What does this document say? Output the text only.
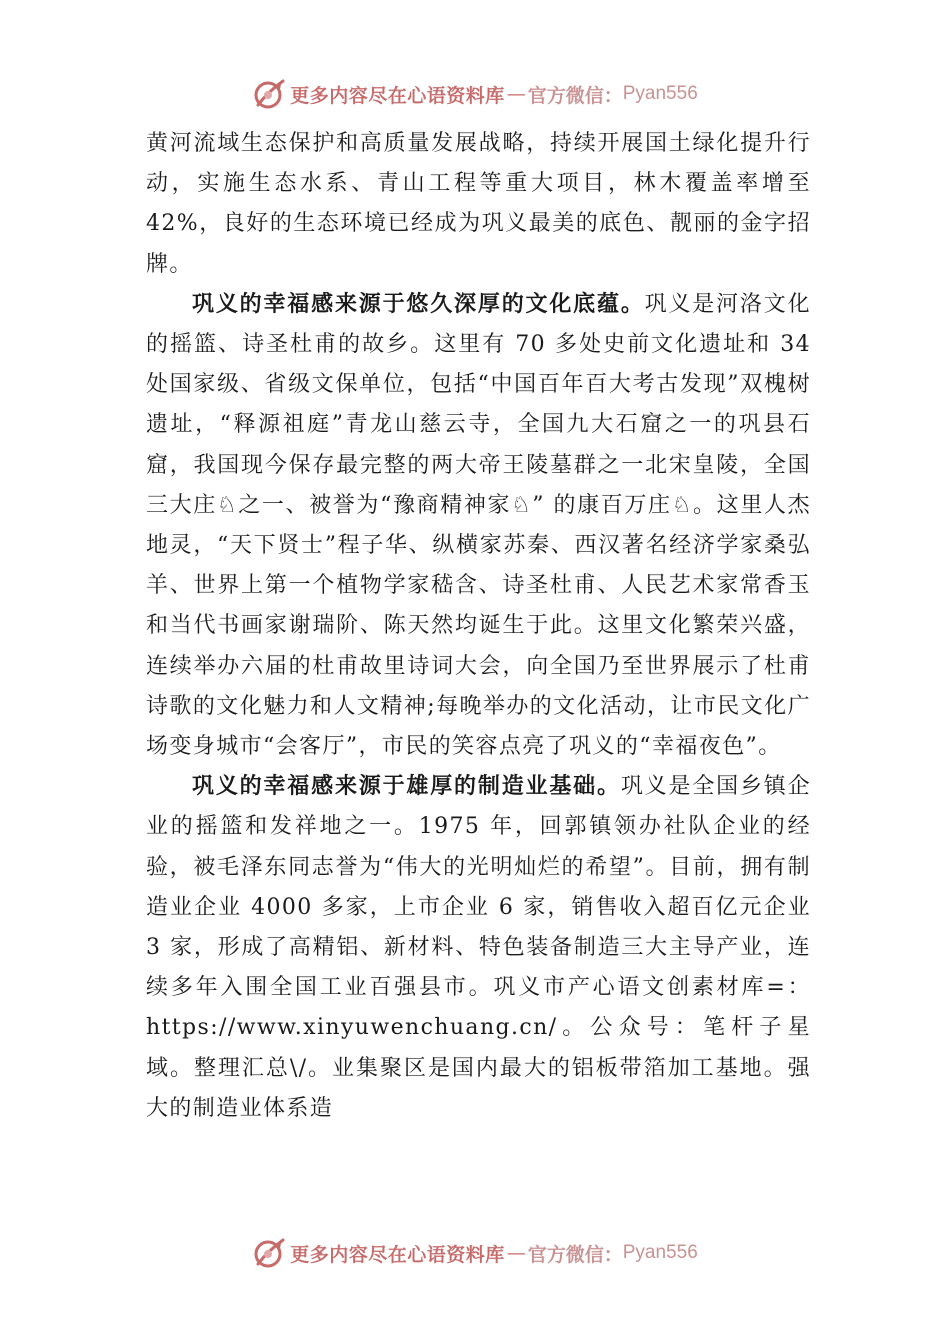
更多内容尽在心语资料库 — 官方微信： Pyan556

黄河流域生态保护和高质量发展战略，持续开展国土绿化提升行动，实施生态水系、青山工程等重大项目，林木覆盖率增至 42%，良好的生态环境已经成为巩义最美的底色、靓丽的金字招牌。

巩义的幸福感来源于悠久深厚的文化底蕴。巩义是河洛文化的摇篮、诗圣杜甫的故乡。这里有 70 多处史前文化遗址和 34 处国家级、省级文保单位，包括“中国百年百大考古发现”双槐树遗址，“释源祖庭”青龙山慈云寺，全国九大石窟之一的巩县石窟，我国现今保存最完整的两大帝王陵墓群之一北宋皇陵，全国三大庄♘之一、被誉为“豫商精神家♘” 的康百万庄♘。这里人杰地灵，“天下贤士”程子华、纵横家苏秦、西汉著名经济学家桑弘羊、世界上第一个植物学家嵇含、诗圣杜甫、人民艺术家常香玉和当代书画家谢瑞阶、陈天然均诞生于此。这里文化繁荣兴盛，连续举办六届的杜甫故里诗词大会，向全国乃至世界展示了杜甫诗歌的文化魅力和人文精神;每晚举办的文化活动，让市民文化广场变身城市“会客厅”，市民的笑容点亮了巩义的“幸福夜色”。

巩义的幸福感来源于雄厚的制造业基础。巩义是全国乡镇企业的摇篮和发祥地之一。1975 年，回郭镇领办社队企业的经验，被毛泽东同志誉为“伟大的光明灿烂的希望”。目前，拥有制造业企业 4000 多家，上市企业 6 家，销售收入超百亿元企业 3 家，形成了高精铝、新材料、特色装备制造三大主导产业，连续多年入围全国工业百强县市。巩义市产心语文创素材库=：https://www.xinyuwenchuang.cn/。公众号：笔杆子星域。整理汇总\/。业集聚区是国内最大的铝板带箔加工基地。强大的制造业体系造

更多内容尽在心语资料库 — 官方微信： Pyan556
